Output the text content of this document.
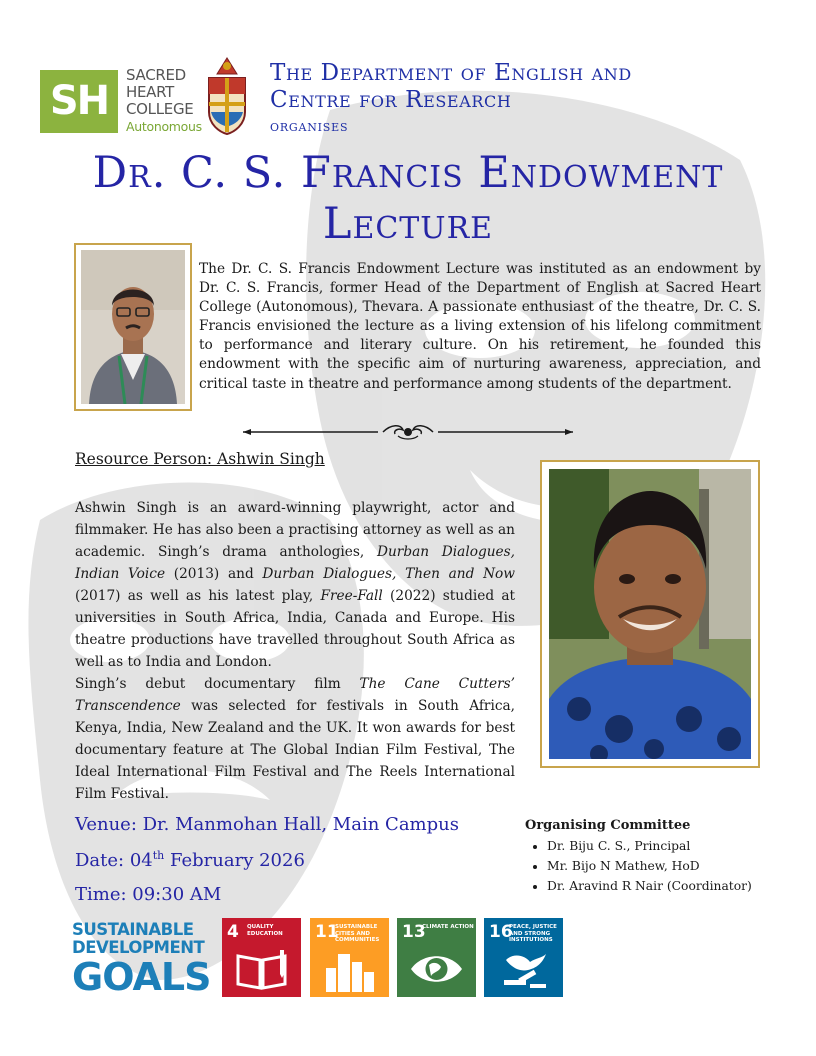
SH
SACRED
HEART
COLLEGE
Autonomous
The Department of English and
Centre for Research
organises
Dr. C. S. Francis Endowment
Lecture
The Dr. C. S. Francis Endowment Lecture was instituted as an endowment by Dr. C. S. Francis, former Head of the Department of English at Sacred Heart College (Autonomous), Thevara. A passionate enthusiast of the theatre, Dr. C. S. Francis envisioned the lecture as a living extension of his lifelong commitment to performance and literary culture. On his retirement, he founded this endowment with the specific aim of nurturing awareness, appreciation, and critical taste in theatre and performance among students of the department.
Resource Person: Ashwin Singh

Ashwin Singh is an award-winning playwright, actor and filmmaker. He has also been a practising attorney as well as an academic. Singh’s drama anthologies, Durban Dialogues, Indian Voice (2013) and Durban Dialogues, Then and Now (2017) as well as his latest play, Free-Fall (2022) studied at universities in South Africa, India, Canada and Europe. His theatre productions have travelled throughout South Africa as well as to India and London.

Singh’s debut documentary film The Cane Cutters’ Transcendence was selected for festivals in South Africa, Kenya, India, New Zealand and the UK. It won awards for best documentary feature at The Global Indian Film Festival, The Ideal International Film Festival and The Reels International Film Festival.

Venue: Dr. Manmohan Hall, Main Campus
Date: 04th February 2026
Time: 09:30 AM
Organising Committee
• Dr. Biju C. S., Principal
• Mr. Bijo N Mathew, HoD
• Dr. Aravind R Nair (Coordinator)
SUSTAINABLE
DEVELOPMENT
GOALS
4 QUALITY EDUCATION	11
SUSTAINABLE CITIES AND COMMUNITIES	13
CLIMATE ACTION 16
PEACE, JUSTICE AND STRONG INSTITUTIONS
